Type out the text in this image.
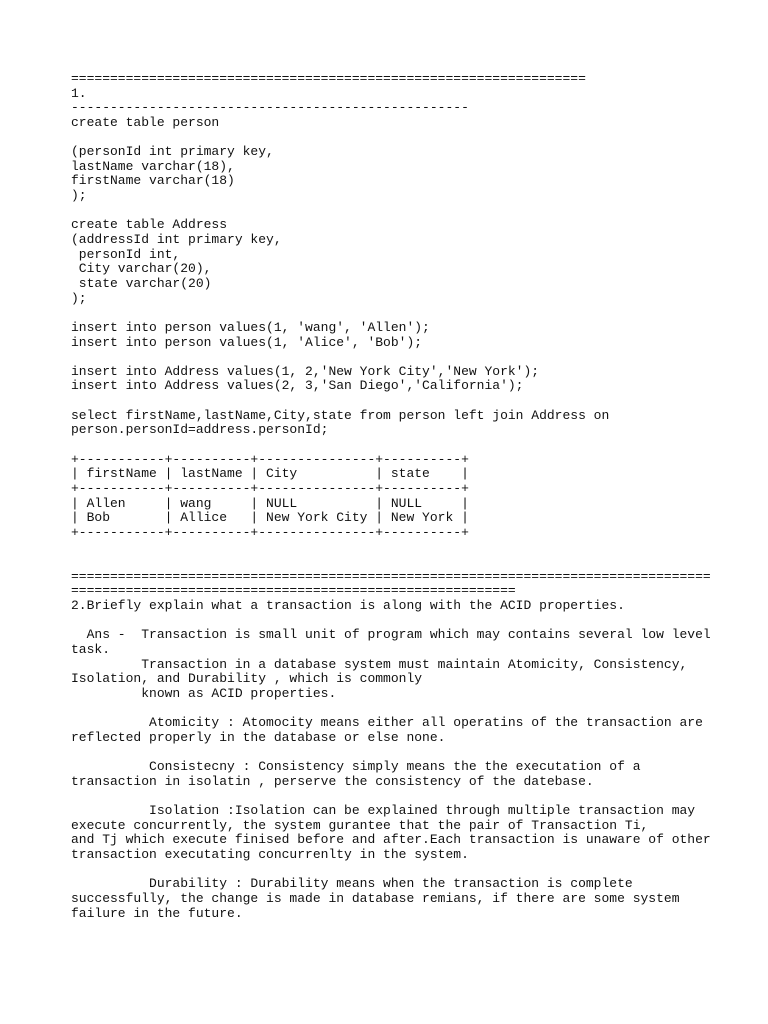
==================================================================
1.
---------------------------------------------------
create table person

(personId int primary key,
lastName varchar(18),
firstName varchar(18)
);

create table Address
(addressId int primary key,
personId int,
City varchar(20),
state varchar(20)
);

insert into person values(1, 'wang', 'Allen');
insert into person values(1, 'Alice', 'Bob');

insert into Address values(1, 2,'New York City','New York');
insert into Address values(2, 3,'San Diego','California');

select firstName,lastName,City,state from person left join Address on
person.personId=address.personId;

+-----------+----------+---------------+----------+
| firstName | lastName | City          | state    |
+-----------+----------+---------------+----------+
| Allen     | wang     | NULL          | NULL     |
| Bob       | Allice   | New York City | New York |
+-----------+----------+---------------+----------+

==================================================================================
=========================================================
2.Briefly explain what a transaction is along with the ACID properties.

Ans -  Transaction is small unit of program which may contains several low level
task.
Transaction in a database system must maintain Atomicity, Consistency,
Isolation, and Durability , which is commonly
known as ACID properties.

Atomicity : Atomocity means either all operatins of the transaction are
reflected properly in the database or else none.

Consistecny : Consistency simply means the the executation of a
transaction in isolatin , perserve the consistency of the datebase.

Isolation :Isolation can be explained through multiple transaction may
execute concurrently, the system gurantee that the pair of Transaction Ti,
and Tj which execute finised before and after.Each transaction is unaware of other
transaction executating concurrenlty in the system.

Durability : Durability means when the transaction is complete
successfully, the change is made in database remians, if there are some system
failure in the future.
